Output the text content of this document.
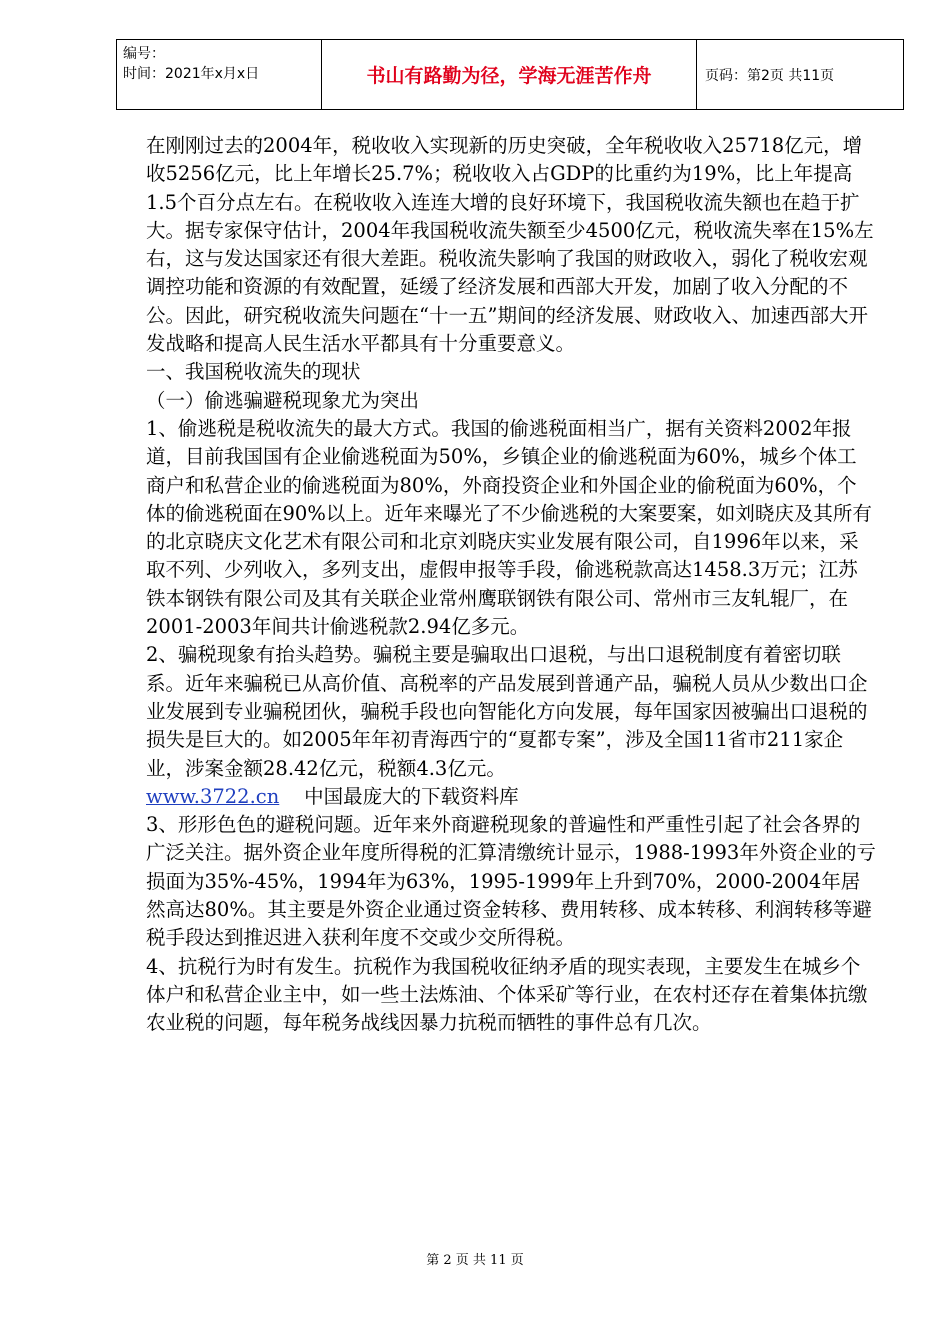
编号：
时间：2021年x月x日	书山有路勤为径，学海无涯苦作舟	页码：第2页 共11页

在刚刚过去的2004年，税收收入实现新的历史突破，全年税收收入25718亿元，增收5256亿元，比上年增长25.7%；税收收入占GDP的比重约为19%，比上年提高1.5个百分点左右。在税收收入连连大增的良好环境下，我国税收流失额也在趋于扩大。据专家保守估计，2004年我国税收流失额至少4500亿元，税收流失率在15%左右，这与发达国家还有很大差距。税收流失影响了我国的财政收入，弱化了税收宏观调控功能和资源的有效配置，延缓了经济发展和西部大开发，加剧了收入分配的不公。因此，研究税收流失问题在“十一五”期间的经济发展、财政收入、加速西部大开发战略和提高人民生活水平都具有十分重要意义。

一、我国税收流失的现状

（一）偷逃骗避税现象尤为突出

1、偷逃税是税收流失的最大方式。我国的偷逃税面相当广，据有关资料2002年报道，目前我国国有企业偷逃税面为50%，乡镇企业的偷逃税面为60%，城乡个体工商户和私营企业的偷逃税面为80%，外商投资企业和外国企业的偷税面为60%，个体的偷逃税面在90%以上。近年来曝光了不少偷逃税的大案要案，如刘晓庆及其所有的北京晓庆文化艺术有限公司和北京刘晓庆实业发展有限公司，自1996年以来，采取不列、少列收入，多列支出，虚假申报等手段，偷逃税款高达1458.3万元；江苏铁本钢铁有限公司及其有关联企业常州鹰联钢铁有限公司、常州市三友轧辊厂，在2001-2003年间共计偷逃税款2.94亿多元。

2、骗税现象有抬头趋势。骗税主要是骗取出口退税，与出口退税制度有着密切联系。近年来骗税已从高价值、高税率的产品发展到普通产品，骗税人员从少数出口企业发展到专业骗税团伙，骗税手段也向智能化方向发展，每年国家因被骗出口退税的损失是巨大的。如2005年年初青海西宁的“夏都专案”，涉及全国11省市211家企业，涉案金额28.42亿元，税额4.3亿元。

www.3722.cn 中国最庞大的下载资料库

3、形形色色的避税问题。近年来外商避税现象的普遍性和严重性引起了社会各界的广泛关注。据外资企业年度所得税的汇算清缴统计显示，1988-1993年外资企业的亏损面为35%-45%，1994年为63%，1995-1999年上升到70%，2000-2004年居然高达80%。其主要是外资企业通过资金转移、费用转移、成本转移、利润转移等避税手段达到推迟进入获利年度不交或少交所得税。

4、抗税行为时有发生。抗税作为我国税收征纳矛盾的现实表现，主要发生在城乡个体户和私营企业主中，如一些土法炼油、个体采矿等行业，在农村还存在着集体抗缴农业税的问题，每年税务战线因暴力抗税而牺牲的事件总有几次。

第 2 页 共 11 页
